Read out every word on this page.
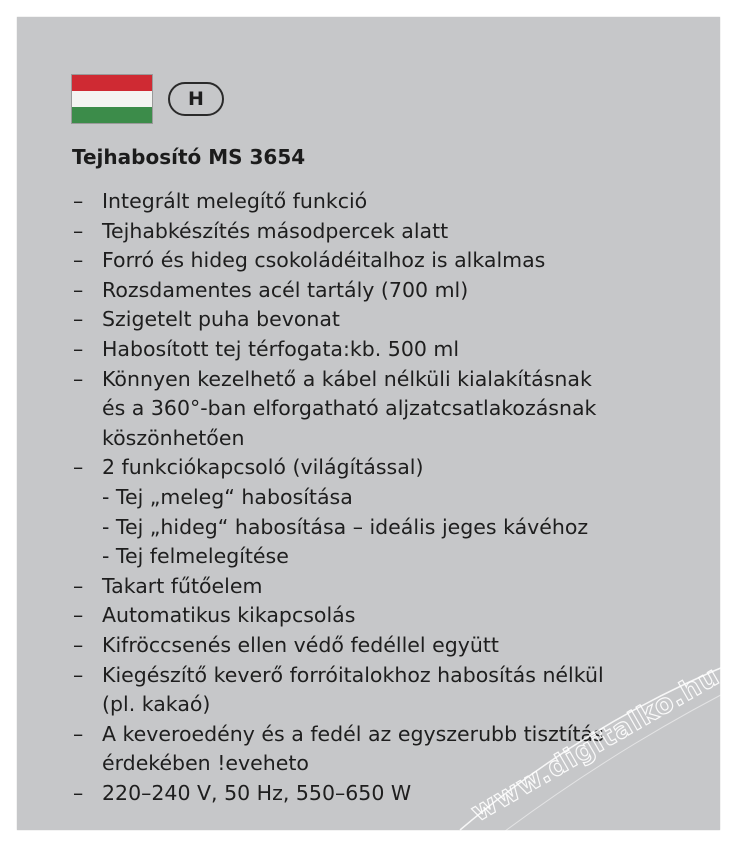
H
Tejhabosító MS 3654
– Integrált melegítő funkció
– Tejhabkészítés másodpercek alatt
– Forró és hideg csokoládéitalhoz is alkalmas
– Rozsdamentes acél tartály (700 ml)
– Szigetelt puha bevonat
– Habosított tej térfogata:kb. 500 ml
– Könnyen kezelhető a kábel nélküli kialakításnak
és a 360°-ban elforgatható aljzatcsatlakozásnak
köszönhetően
– 2 funkciókapcsoló (világítással)
- Tej „meleg“ habosítása
- Tej „hideg“ habosítása – ideális jeges kávéhoz
- Tej felmelegítése
– Takart fűtőelem
– Automatikus kikapcsolás
– Kifröccsenés ellen védő fedéllel együtt
– Kiegészítő keverő forróitalokhoz habosítás nélkül
(pl. kakaó)
– A keveroedény és a fedél az egyszerubb tisztítás
érdekében !eveheto
– 220–240 V, 50 Hz, 550–650 W	www.digitalko.hu
